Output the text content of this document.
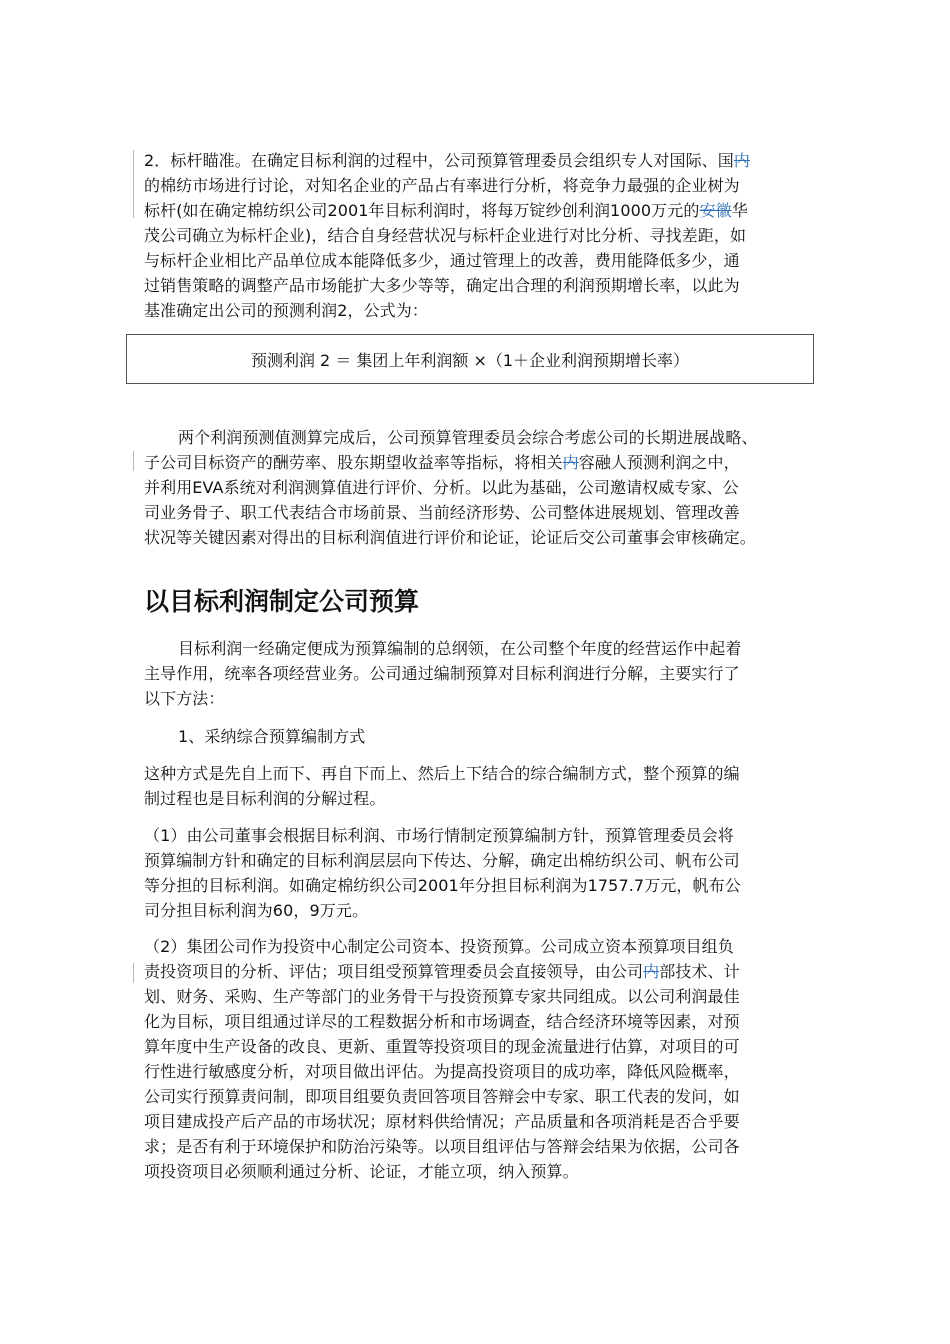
2．标杆瞄准。在确定目标利润的过程中，公司预算管理委员会组织专人对国际、国内
的棉纺市场进行讨论，对知名企业的产品占有率进行分析，将竞争力最强的企业树为
标杆(如在确定棉纺织公司2001年目标利润时，将每万锭纱创利润1000万元的安徽华
茂公司确立为标杆企业)，结合自身经营状况与标杆企业进行对比分析、寻找差距，如
与标杆企业相比产品单位成本能降低多少，通过管理上的改善，费用能降低多少，通
过销售策略的调整产品市场能扩大多少等等，确定出合理的利润预期增长率，以此为
基准确定出公司的预测利润2，公式为：

预测利润 2 ＝ 集团上年利润额 ×（1＋企业利润预期增长率）

两个利润预测值测算完成后，公司预算管理委员会综合考虑公司的长期进展战略、
子公司目标资产的酬劳率、股东期望收益率等指标，将相关内容融人预测利润之中，
并利用EVA系统对利润测算值进行评价、分析。以此为基础，公司邀请权威专家、公
司业务骨子、职工代表结合市场前景、当前经济形势、公司整体进展规划、管理改善
状况等关键因素对得出的目标利润值进行评价和论证，论证后交公司董事会审核确定。

以目标利润制定公司预算

目标利润一经确定便成为预算编制的总纲领，在公司整个年度的经营运作中起着
主导作用，统率各项经营业务。公司通过编制预算对目标利润进行分解，主要实行了
以下方法：

1、采纳综合预算编制方式

这种方式是先自上而下、再自下而上、然后上下结合的综合编制方式，整个预算的编
制过程也是目标利润的分解过程。

（1）由公司董事会根据目标利润、市场行情制定预算编制方针，预算管理委员会将
预算编制方针和确定的目标利润层层向下传达、分解，确定出棉纺织公司、帆布公司
等分担的目标利润。如确定棉纺织公司2001年分担目标利润为1757.7万元，帆布公
司分担目标利润为60，9万元。

（2）集团公司作为投资中心制定公司资本、投资预算。公司成立资本预算项目组负
责投资项目的分析、评估；项目组受预算管理委员会直接领导，由公司内部技术、计
划、财务、采购、生产等部门的业务骨干与投资预算专家共同组成。以公司利润最佳
化为目标，项目组通过详尽的工程数据分析和市场调查，结合经济环境等因素，对预
算年度中生产设备的改良、更新、重置等投资项目的现金流量进行估算，对项目的可
行性进行敏感度分析，对项目做出评估。为提高投资项目的成功率，降低风险概率，
公司实行预算责问制，即项目组要负责回答项目答辩会中专家、职工代表的发问，如
项目建成投产后产品的市场状况；原材料供给情况；产品质量和各项消耗是否合乎要
求；是否有利于环境保护和防治污染等。以项目组评估与答辩会结果为依据，公司各
项投资项目必须顺利通过分析、论证，才能立项，纳入预算。
